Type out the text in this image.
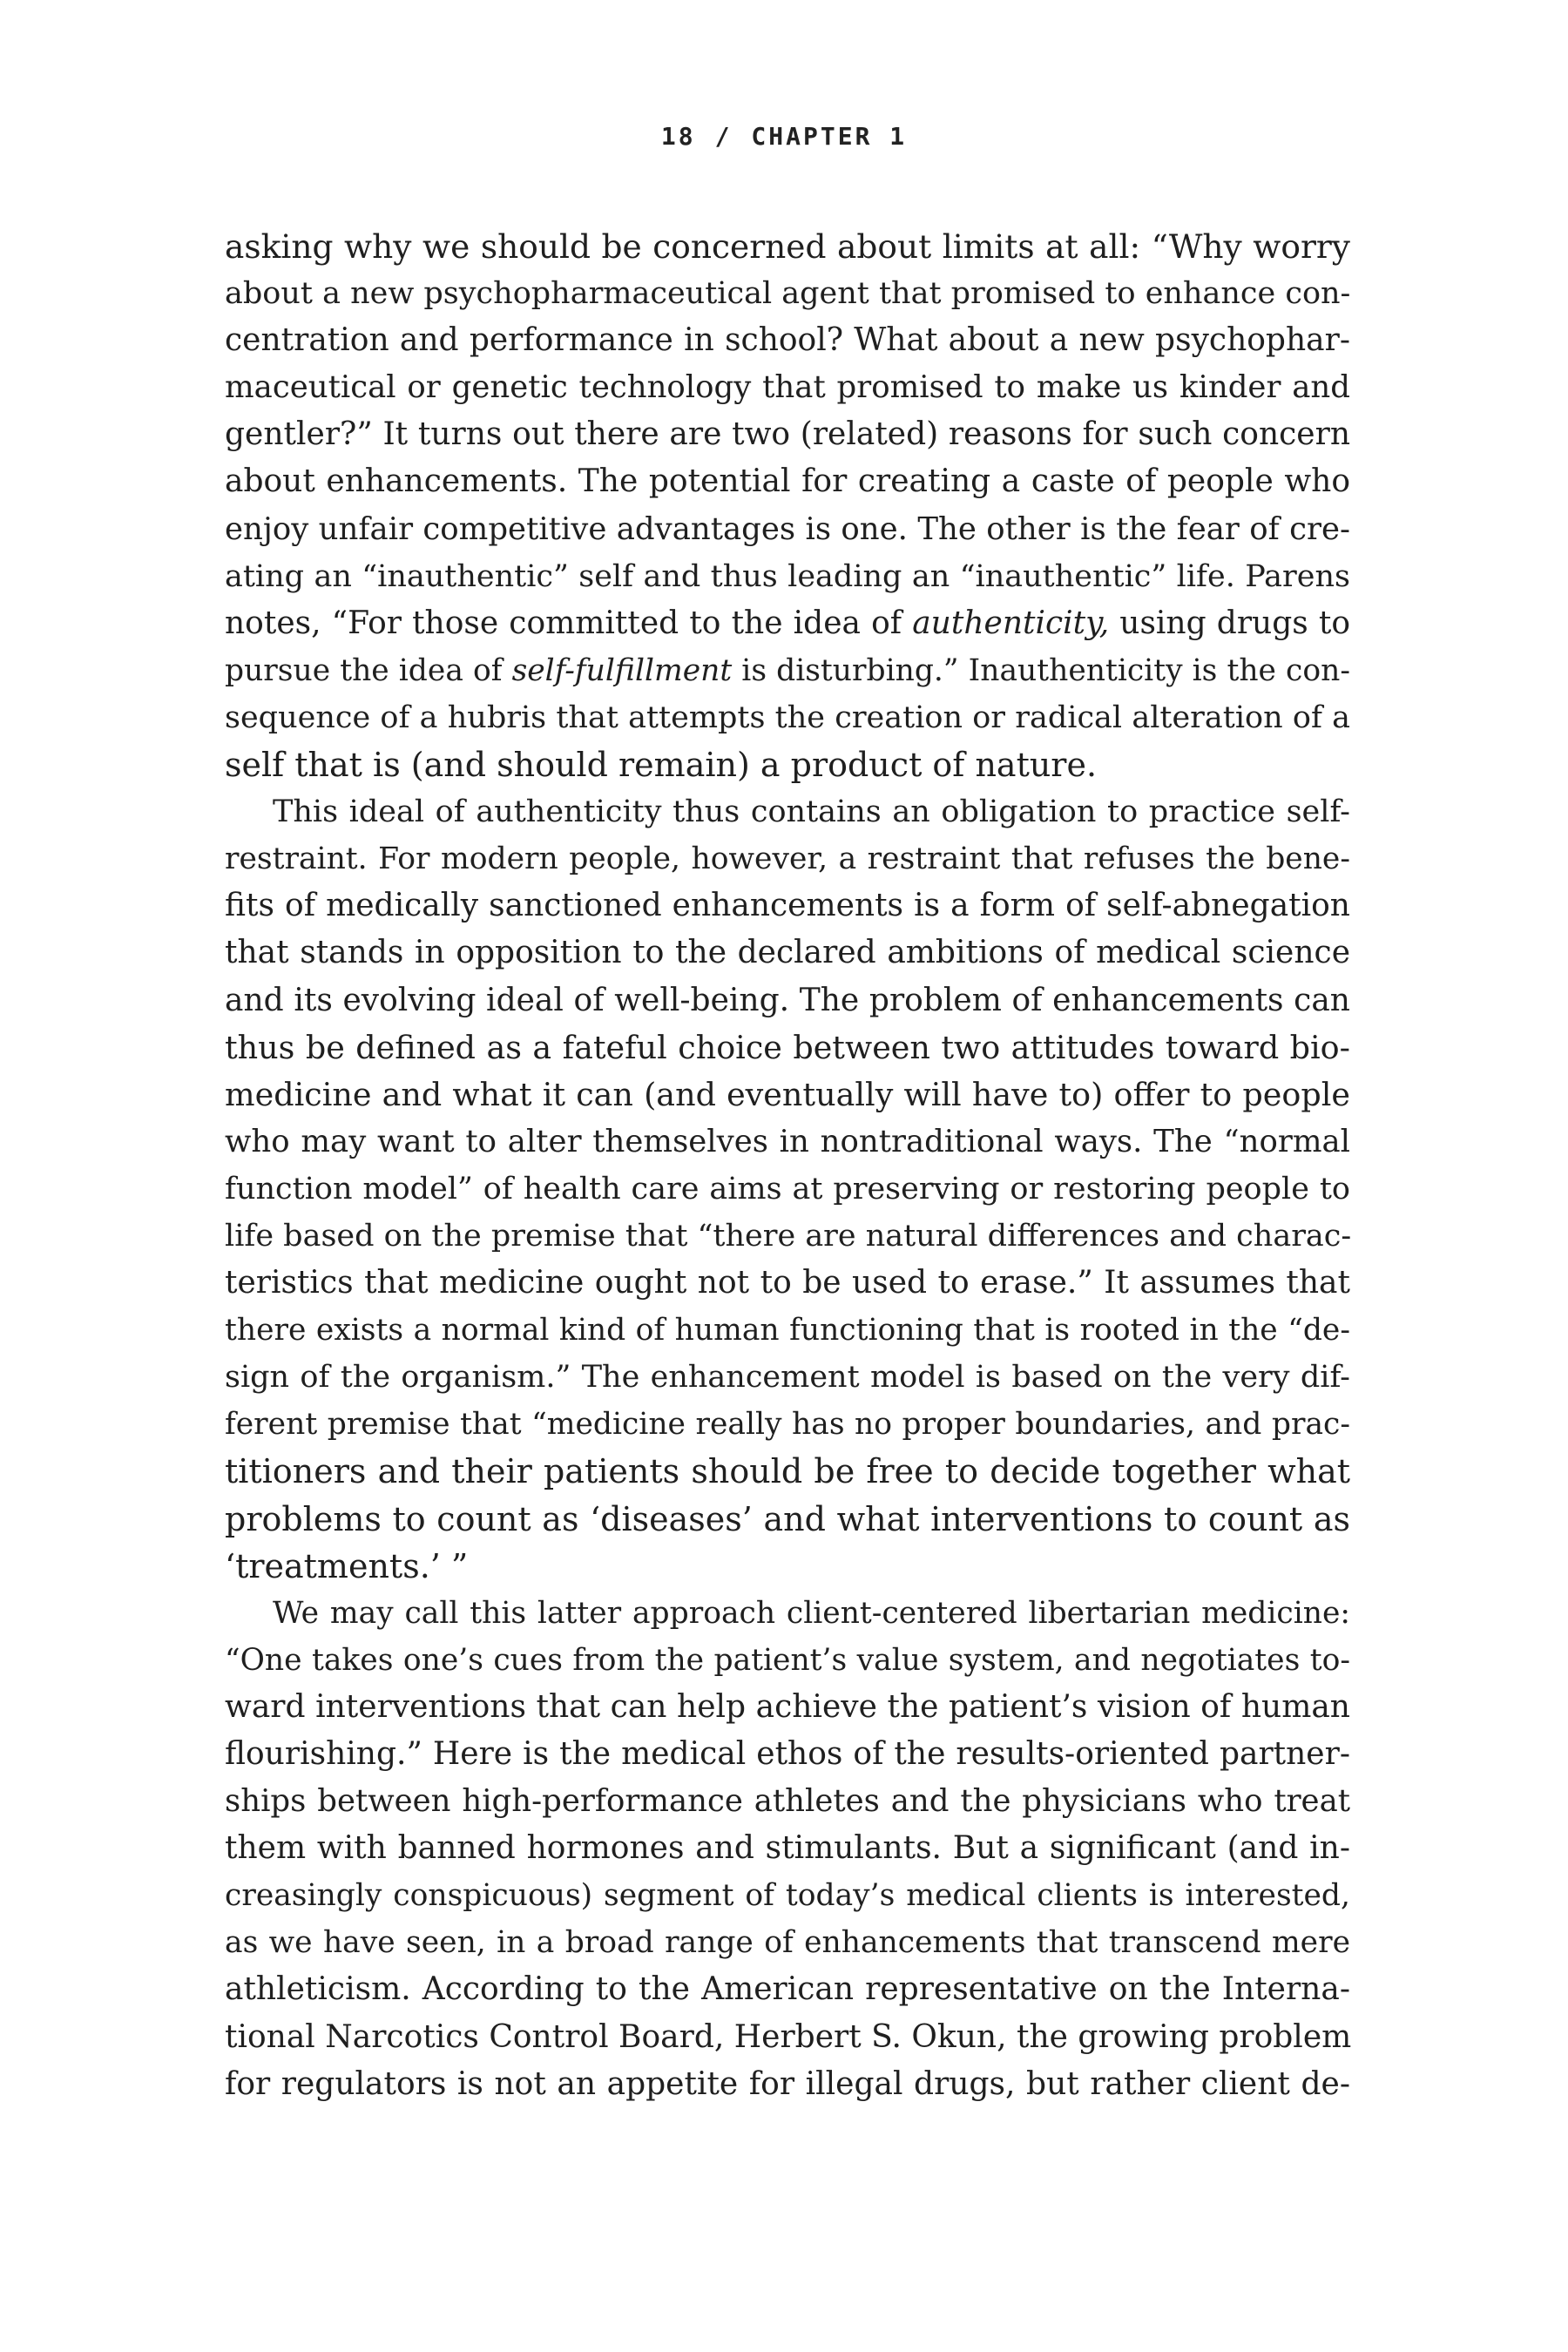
18 / CHAPTER 1
asking why we should be concerned about limits at all: “Why worry
about a new psychopharmaceutical agent that promised to enhance con-
centration and performance in school? What about a new psychophar-
maceutical or genetic technology that promised to make us kinder and
gentler?” It turns out there are two (related) reasons for such concern
about enhancements. The potential for creating a caste of people who
enjoy unfair competitive advantages is one. The other is the fear of cre-
ating an “inauthentic” self and thus leading an “inauthentic” life. Parens
notes, “For those committed to the idea of authenticity, using drugs to
pursue the idea of self-fulfillment is disturbing.” Inauthenticity is the con-
sequence of a hubris that attempts the creation or radical alteration of a
self that is (and should remain) a product of nature.
This ideal of authenticity thus contains an obligation to practice self-
restraint. For modern people, however, a restraint that refuses the bene-
fits of medically sanctioned enhancements is a form of self-abnegation
that stands in opposition to the declared ambitions of medical science
and its evolving ideal of well-being. The problem of enhancements can
thus be defined as a fateful choice between two attitudes toward bio-
medicine and what it can (and eventually will have to) offer to people
who may want to alter themselves in nontraditional ways. The “normal
function model” of health care aims at preserving or restoring people to
life based on the premise that “there are natural differences and charac-
teristics that medicine ought not to be used to erase.” It assumes that
there exists a normal kind of human functioning that is rooted in the “de-
sign of the organism.” The enhancement model is based on the very dif-
ferent premise that “medicine really has no proper boundaries, and prac-
titioners and their patients should be free to decide together what
problems to count as ‘diseases’ and what interventions to count as
‘treatments.’ ”
We may call this latter approach client-centered libertarian medicine:
“One takes one’s cues from the patient’s value system, and negotiates to-
ward interventions that can help achieve the patient’s vision of human
flourishing.” Here is the medical ethos of the results-oriented partner-
ships between high-performance athletes and the physicians who treat
them with banned hormones and stimulants. But a significant (and in-
creasingly conspicuous) segment of today’s medical clients is interested,
as we have seen, in a broad range of enhancements that transcend mere
athleticism. According to the American representative on the Interna-
tional Narcotics Control Board, Herbert S. Okun, the growing problem
for regulators is not an appetite for illegal drugs, but rather client de-
